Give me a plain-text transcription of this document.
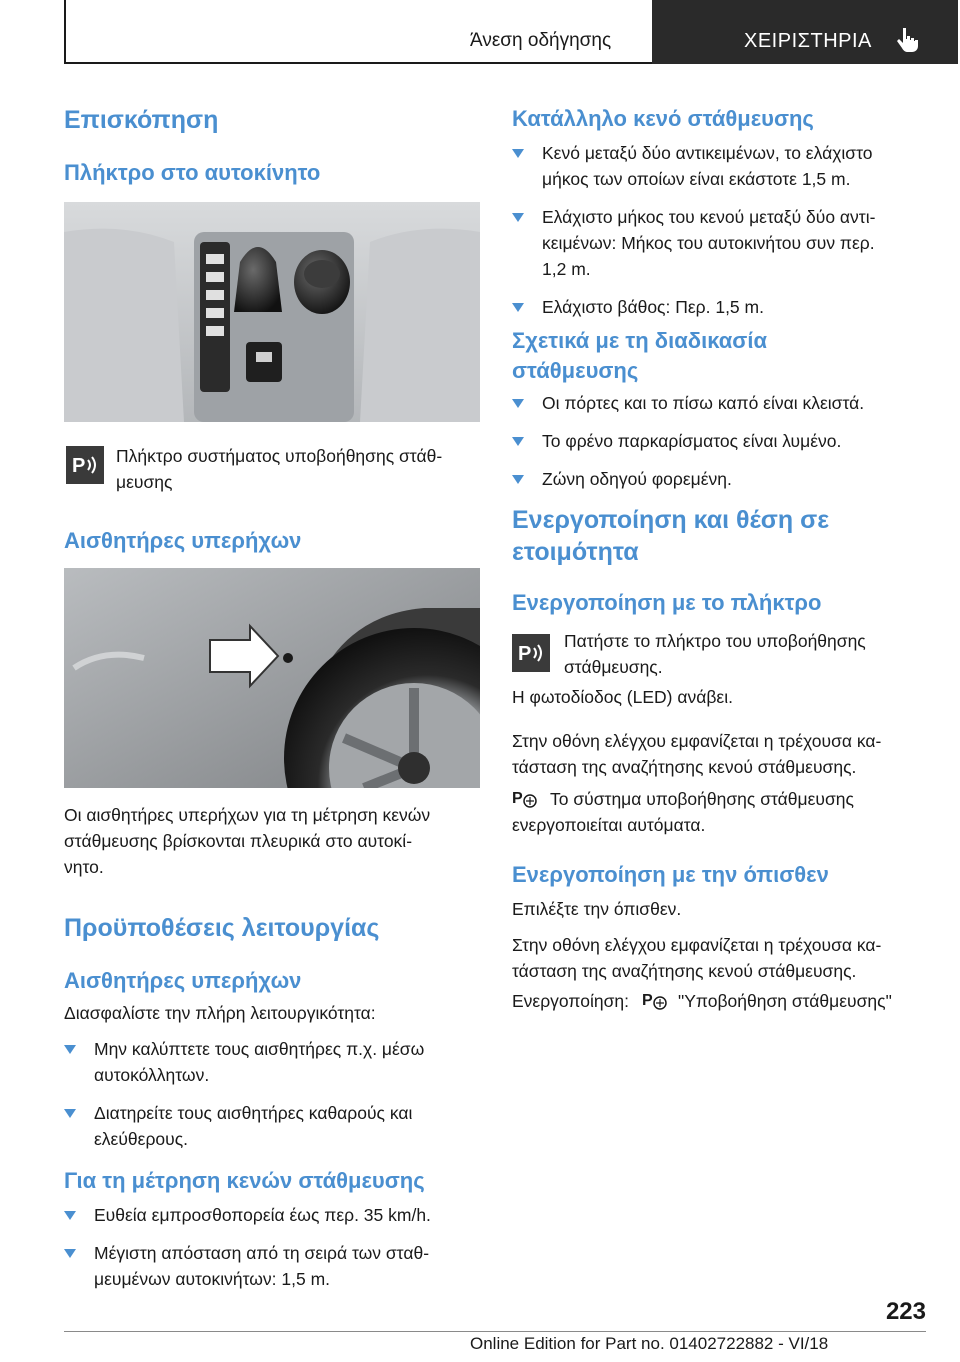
Άνεση οδήγησης	ΧΕΙΡΙΣΤΗΡΙΑ
Επισκόπηση
Πλήκτρο στο αυτοκίνητο
P Πλήκτρο συστήματος υποβοήθησης στάθ-
μευσης
Αισθητήρες υπερήχων
Οι αισθητήρες υπερήχων για τη μέτρηση κενών
στάθμευσης βρίσκονται πλευρικά στο αυτοκί-
νητο.
Προϋποθέσεις λειτουργίας
Αισθητήρες υπερήχων
Διασφαλίστε την πλήρη λειτουργικότητα:
Μην καλύπτετε τους αισθητήρες π.χ. μέσω
αυτοκόλλητων.
Διατηρείτε τους αισθητήρες καθαρούς και
ελεύθερους.
Για τη μέτρηση κενών στάθμευσης
Ευθεία εμπροσθοπορεία έως περ. 35 km/h.
Μέγιστη απόσταση από τη σειρά των σταθ-
μευμένων αυτοκινήτων: 1,5 m.
Κατάλληλο κενό στάθμευσης
Κενό μεταξύ δύο αντικειμένων, το ελάχιστο
μήκος των οποίων είναι εκάστοτε 1,5 m.
Ελάχιστο μήκος του κενού μεταξύ δύο αντι-
κειμένων: Μήκος του αυτοκινήτου συν περ.
1,2 m.
Ελάχιστο βάθος: Περ. 1,5 m.
Σχετικά με τη διαδικασία
στάθμευσης
Οι πόρτες και το πίσω καπό είναι κλειστά.
Το φρένο παρκαρίσματος είναι λυμένο.
Ζώνη οδηγού φορεμένη.
Ενεργοποίηση και θέση σε
ετοιμότητα
Ενεργοποίηση με το πλήκτρο
P
Πατήστε το πλήκτρο του υποβοήθησης
στάθμευσης.
Η φωτοδίοδος (LED) ανάβει.
Στην οθόνη ελέγχου εμφανίζεται η τρέχουσα κα-
τάσταση της αναζήτησης κενού στάθμευσης.
P	Το σύστημα υποβοήθησης στάθμευσης
ενεργοποιείται αυτόματα.
Ενεργοποίηση με την όπισθεν
Επιλέξτε την όπισθεν.
Στην οθόνη ελέγχου εμφανίζεται η τρέχουσα κα-
τάσταση της αναζήτησης κενού στάθμευσης.
Ενεργοποίηση: P "Υποβοήθηση στάθμευσης"
223
Online Edition for Part no. 01402722882 - VI/18
